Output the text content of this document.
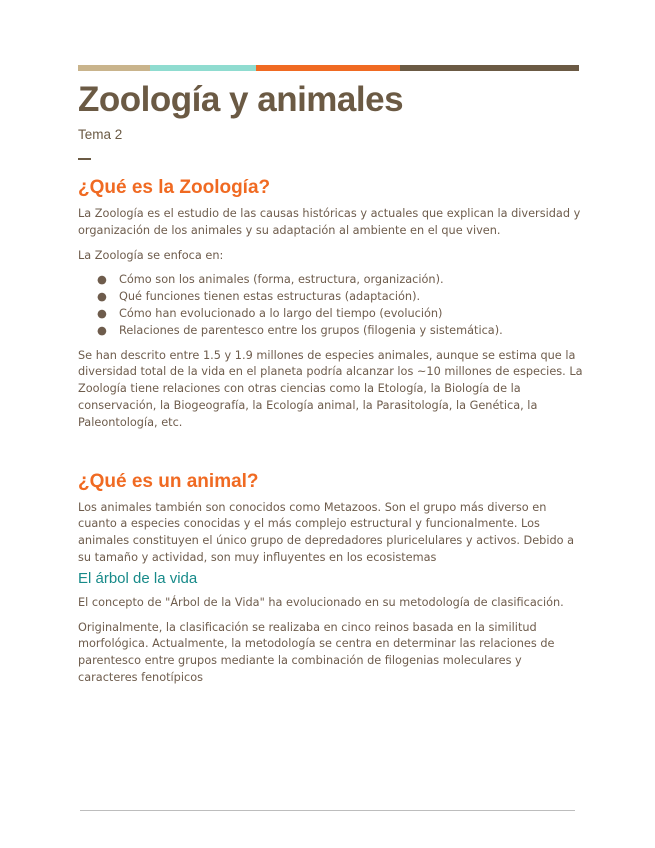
Zoología y animales
Tema 2
¿Qué es la Zoología?

La Zoología es el estudio de las causas históricas y actuales que explican la diversidad y organización de los animales y su adaptación al ambiente en el que viven.

La Zoología se enfoca en:

● Cómo son los animales (forma, estructura, organización).
● Qué funciones tienen estas estructuras (adaptación).
● Cómo han evolucionado a lo largo del tiempo (evolución)
● Relaciones de parentesco entre los grupos (filogenia y sistemática).

Se han descrito entre 1.5 y 1.9 millones de especies animales, aunque se estima que la diversidad total de la vida en el planeta podría alcanzar los ~10 millones de especies. La Zoología tiene relaciones con otras ciencias como la Etología, la Biología de la conservación, la Biogeografía, la Ecología animal, la Parasitología, la Genética, la Paleontología, etc.

¿Qué es un animal?

Los animales también son conocidos como Metazoos. Son el grupo más diverso en cuanto a especies conocidas y el más complejo estructural y funcionalmente. Los animales constituyen el único grupo de depredadores pluricelulares y activos. Debido a su tamaño y actividad, son muy influyentes en los ecosistemas

El árbol de la vida

El concepto de "Árbol de la Vida" ha evolucionado en su metodología de clasificación.

Originalmente, la clasificación se realizaba en cinco reinos basada en la similitud morfológica. Actualmente, la metodología se centra en determinar las relaciones de parentesco entre grupos mediante la combinación de filogenias moleculares y caracteres fenotípicos
